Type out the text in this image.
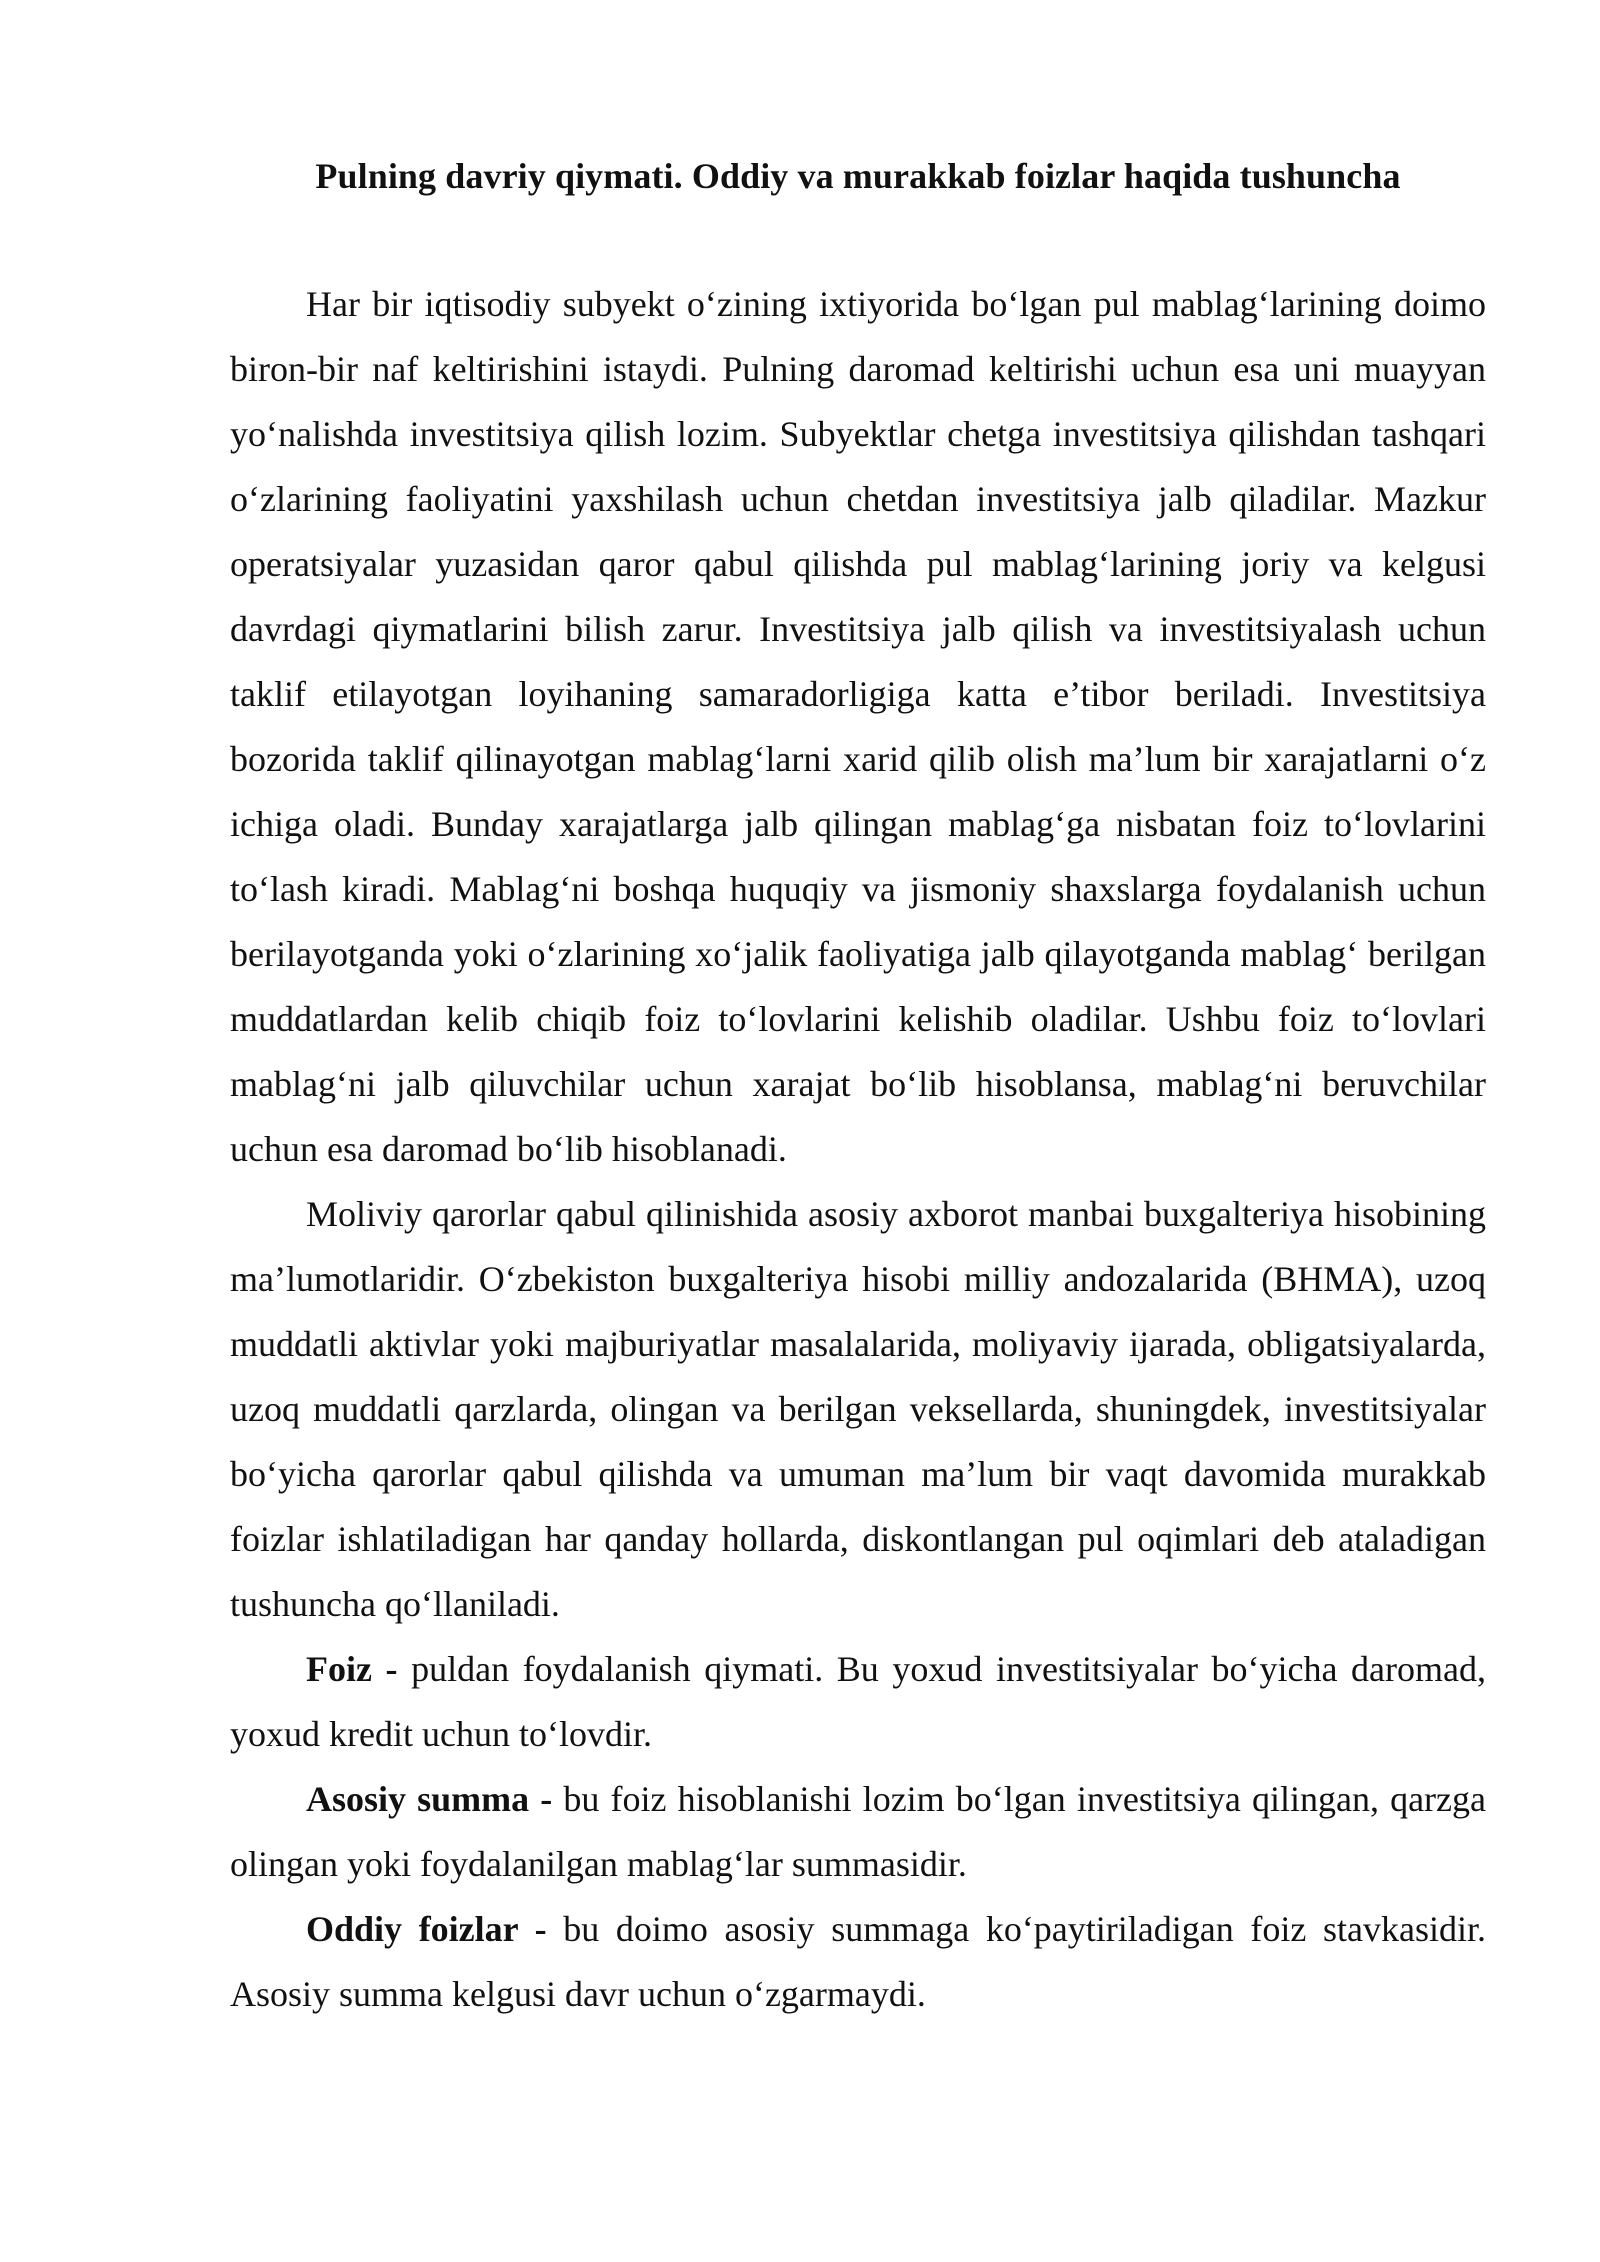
Pulning davriy qiymati. Oddiy va murakkab foizlar haqida tushuncha

Har bir iqtisodiy subyekt o‘zining ixtiyorida bo‘lgan pul mablag‘larining doimo biron-bir naf keltirishini istaydi. Pulning daromad keltirishi uchun esa uni muayyan yo‘nalishda investitsiya qilish lozim. Subyektlar chetga investitsiya qilishdan tashqari o‘zlarining faoliyatini yaxshilash uchun chetdan investitsiya jalb qiladilar. Mazkur operatsiyalar yuzasidan qaror qabul qilishda pul mablag‘larining joriy va kelgusi davrdagi qiymatlarini bilish zarur. Investitsiya jalb qilish va investitsiyalash uchun taklif etilayotgan loyihaning samaradorligiga katta e’tibor beriladi. Investitsiya bozorida taklif qilinayotgan mablag‘larni xarid qilib olish ma’lum bir xarajatlarni o‘z ichiga oladi. Bunday xarajatlarga jalb qilingan mablag‘ga nisbatan foiz to‘lovlarini to‘lash kiradi. Mablag‘ni boshqa huquqiy va jismoniy shaxslarga foydalanish uchun berilayotganda yoki o‘zlarining xo‘jalik faoliyatiga jalb qilayotganda mablag‘ berilgan muddatlardan kelib chiqib foiz to‘lovlarini kelishib oladilar. Ushbu foiz to‘lovlari mablag‘ni jalb qiluvchilar uchun xarajat bo‘lib hisoblansa, mablag‘ni beruvchilar uchun esa daromad bo‘lib hisoblanadi.

Moliviy qarorlar qabul qilinishida asosiy axborot manbai buxgalteriya hisobining ma’lumotlaridir. O‘zbekiston buxgalteriya hisobi milliy andozalarida (BHMA), uzoq muddatli aktivlar yoki majburiyatlar masalalarida, moliyaviy ijarada, obligatsiyalarda, uzoq muddatli qarzlarda, olingan va berilgan veksellarda, shuningdek, investitsiyalar bo‘yicha qarorlar qabul qilishda va umuman ma’lum bir vaqt davomida murakkab foizlar ishlatiladigan har qanday hollarda, diskontlangan pul oqimlari deb ataladigan tushuncha qo‘llaniladi.

Foiz - puldan foydalanish qiymati. Bu yoxud investitsiyalar bo‘yicha daromad, yoxud kredit uchun to‘lovdir.

Asosiy summa - bu foiz hisoblanishi lozim bo‘lgan investitsiya qilingan, qarzga olingan yoki foydalanilgan mablag‘lar summasidir.

Oddiy foizlar - bu doimo asosiy summaga ko‘paytiriladigan foiz stavkasidir. Asosiy summa kelgusi davr uchun o‘zgarmaydi.
